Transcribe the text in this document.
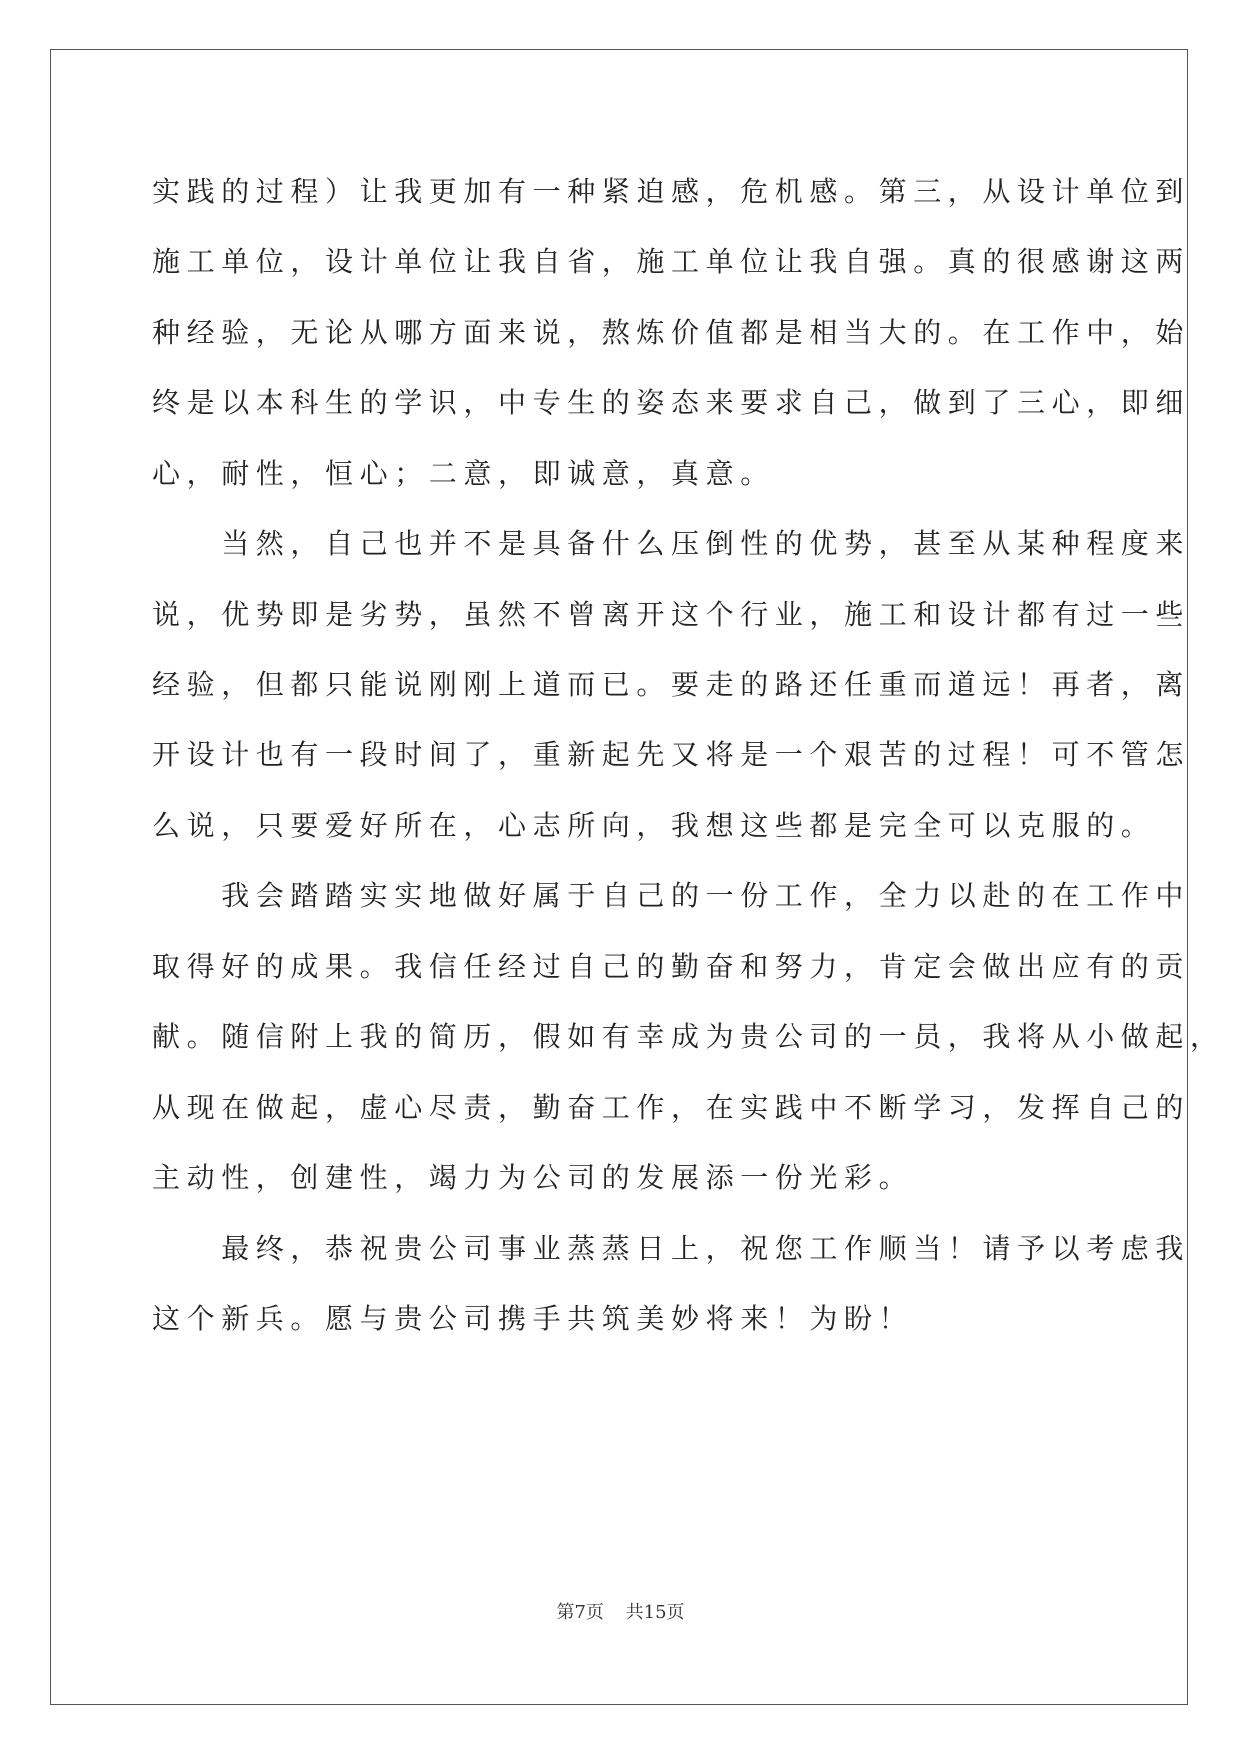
实践的过程）让我更加有一种紧迫感，危机感。第三，从设计单位到
施工单位，设计单位让我自省，施工单位让我自强。真的很感谢这两
种经验，无论从哪方面来说，熬炼价值都是相当大的。在工作中，始
终是以本科生的学识，中专生的姿态来要求自己，做到了三心，即细
心，耐性，恒心；二意，即诚意，真意。
　　当然，自己也并不是具备什么压倒性的优势，甚至从某种程度来
说，优势即是劣势，虽然不曾离开这个行业，施工和设计都有过一些
经验，但都只能说刚刚上道而已。要走的路还任重而道远！再者，离
开设计也有一段时间了，重新起先又将是一个艰苦的过程！可不管怎
么说，只要爱好所在，心志所向，我想这些都是完全可以克服的。
　　我会踏踏实实地做好属于自己的一份工作，全力以赴的在工作中
取得好的成果。我信任经过自己的勤奋和努力，肯定会做出应有的贡
献。随信附上我的简历，假如有幸成为贵公司的一员，我将从小做起，
从现在做起，虚心尽责，勤奋工作，在实践中不断学习，发挥自己的
主动性，创建性，竭力为公司的发展添一份光彩。
　　最终，恭祝贵公司事业蒸蒸日上，祝您工作顺当！请予以考虑我
这个新兵。愿与贵公司携手共筑美妙将来！为盼！
第7页 共15页
